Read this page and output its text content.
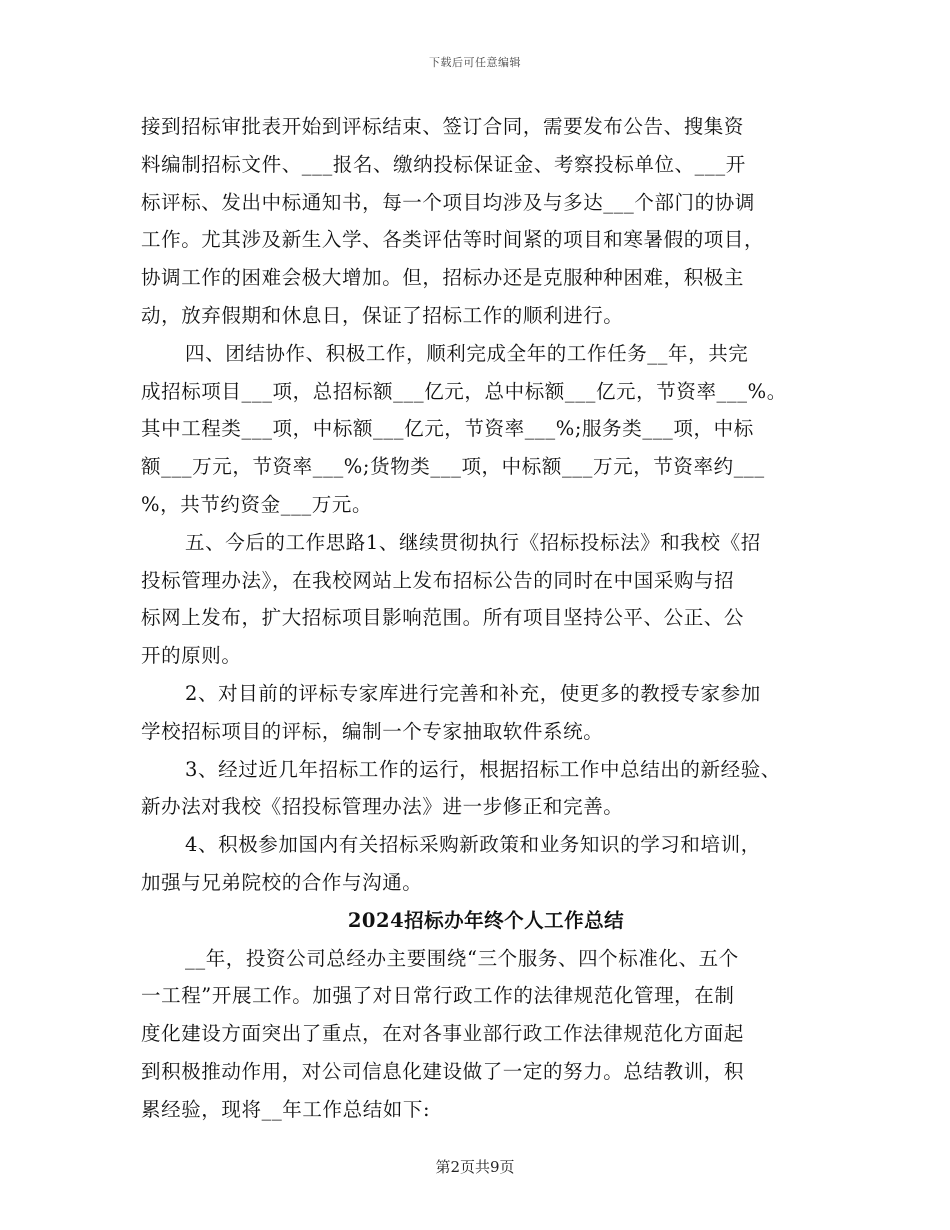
下载后可任意编辑
接到招标审批表开始到评标结束、签订合同，需要发布公告、搜集资
料编制招标文件、___报名、缴纳投标保证金、考察投标单位、___开
标评标、发出中标通知书，每一个项目均涉及与多达___个部门的协调
工作。尤其涉及新生入学、各类评估等时间紧的项目和寒暑假的项目，
协调工作的困难会极大增加。但，招标办还是克服种种困难，积极主
动，放弃假期和休息日，保证了招标工作的顺利进行。
四、团结协作、积极工作，顺利完成全年的工作任务__年，共完
成招标项目___项，总招标额___亿元，总中标额___亿元，节资率___%。
其中工程类___项，中标额___亿元，节资率___%;服务类___项，中标
额___万元，节资率___%;货物类___项，中标额___万元，节资率约___
%，共节约资金___万元。
五、今后的工作思路1、继续贯彻执行《招标投标法》和我校《招
投标管理办法》，在我校网站上发布招标公告的同时在中国采购与招
标网上发布，扩大招标项目影响范围。所有项目坚持公平、公正、公
开的原则。
2、对目前的评标专家库进行完善和补充，使更多的教授专家参加
学校招标项目的评标，编制一个专家抽取软件系统。
3、经过近几年招标工作的运行，根据招标工作中总结出的新经验、
新办法对我校《招投标管理办法》进一步修正和完善。
4、积极参加国内有关招标采购新政策和业务知识的学习和培训，
加强与兄弟院校的合作与沟通。
2024招标办年终个人工作总结
__年，投资公司总经办主要围绕“三个服务、四个标准化、五个
一工程”开展工作。加强了对日常行政工作的法律规范化管理，在制
度化建设方面突出了重点，在对各事业部行政工作法律规范化方面起
到积极推动作用，对公司信息化建设做了一定的努力。总结教训，积
累经验，现将__年工作总结如下:
第2页共9页
